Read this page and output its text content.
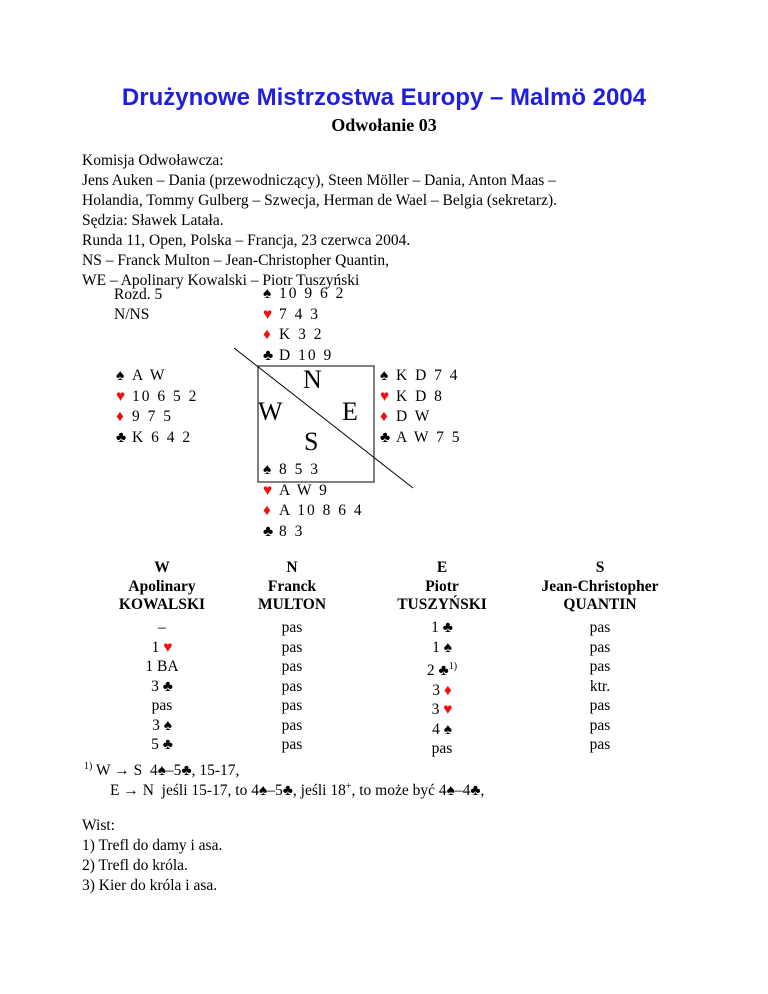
Drużynowe Mistrzostwa Europy – Malmö 2004
Odwołanie 03
Komisja Odwoławcza:
Jens Auken – Dania (przewodniczący), Steen Möller – Dania, Anton Maas –
Holandia, Tommy Gulberg – Szwecja, Herman de Wael – Belgia (sekretarz).
Sędzia: Sławek Latała.
Runda 11, Open, Polska – Francja, 23 czerwca 2004.
NS – Franck Multon – Jean-Christopher Quantin,
WE – Apolinary Kowalski – Piotr Tuszyński
Rozd. 5
N/NS
♠ 10 9 6 2
♥ 7 4 3
♦ K 3 2
♣ D 10 9
♠ A W
♥ 10 6 5 2
♦ 9 7 5
♣ K 6 4 2
♠ K D 7 4
♥ K D 8
♦ D W
♣ A W 7 5
♠ 8 5 3
♥ A W 9
♦ A 10 8 6 4
♣ 8 3
N
W E
S
W
Apolinary
KOWALSKI
N
Franck
MULTON
E
Piotr
TUSZYŃSKI
S
Jean-Christopher
QUANTIN
–
1 ♥
1 BA
3 ♣
pas
3 ♠
5 ♣
pas
pas
pas
pas
pas
pas
pas
1 ♣
1 ♠
2 ♣$^{1)}$
3 ♦
3 ♥
4 ♠
pas
pas
pas
pas
ktr.
pas
pas
pas
$^{1)}$ W → S 4♠–5♣, 15-17,
E → N jeśli 15-17, to 4♠–5♣, jeśli 18+, to może być 4♠–4♣,
Wist:
1) Trefl do damy i asa.
2) Trefl do króla.
3) Kier do króla i asa.
